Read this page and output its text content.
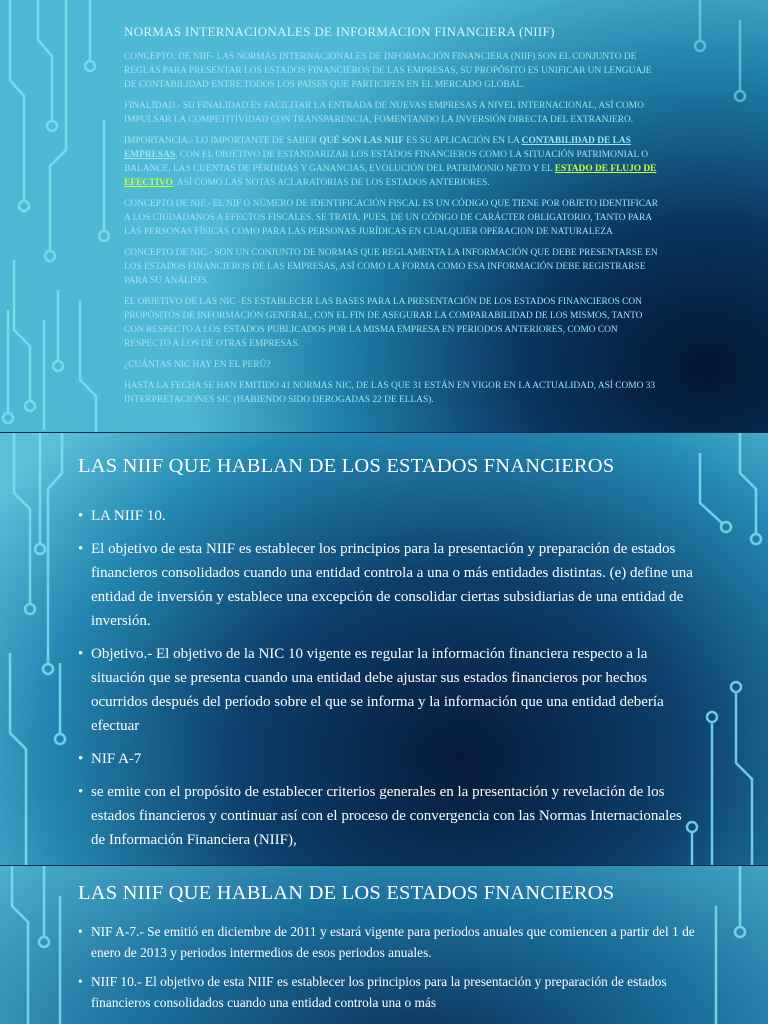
NORMAS INTERNACIONALES DE INFORMACION FINANCIERA (NIIF)

CONCEPTO. DE NIIF- LAS NORMAS INTERNACIONALES DE INFORMACIÓN FINANCIERA (NIIF) SON EL CONJUNTO DE REGLAS PARA PRESENTAR LOS ESTADOS FINANCIEROS DE LAS EMPRESAS, SU PROPÓSITO ES UNIFICAR UN LENGUAJE DE CONTABILIDAD ENTRE TODOS LOS PAÍSES QUE PARTICIPEN EN EL MERCADO GLOBAL.

FINALIDAD.- SU FINALIDAD ES FACILITAR LA ENTRADA DE NUEVAS EMPRESAS A NIVEL INTERNACIONAL, ASÍ COMO IMPULSAR LA COMPETITIVIDAD CON TRANSPARENCIA, FOMENTANDO LA INVERSIÓN DIRECTA DEL EXTRANJERO.

IMPORTANCIA.- LO IMPORTANTE DE SABER QUÉ SON LAS NIIF ES SU APLICACIÓN EN LA CONTABILIDAD DE LAS EMPRESAS, CON EL OBJETIVO DE ESTANDARIZAR LOS ESTADOS FINANCIEROS COMO LA SITUACIÓN PATRIMONIAL O BALANCE, LAS CUENTAS DE PÉRDIDAS Y GANANCIAS, EVOLUCIÓN DEL PATRIMONIO NETO Y EL ESTADO DE FLUJO DE EFECTIVO, ASÍ COMO LAS NOTAS ACLARATORIAS DE LOS ESTADOS ANTERIORES.

CONCEPTO DE NIF.- EL NIF O NÚMERO DE IDENTIFICACIÓN FISCAL ES UN CÓDIGO QUE TIENE POR OBJETO IDENTIFICAR A LOS CIUDADANOS A EFECTOS FISCALES. SE TRATA, PUES, DE UN CÓDIGO DE CARÁCTER OBLIGATORIO, TANTO PARA LAS PERSONAS FÍSICAS COMO PARA LAS PERSONAS JURÍDICAS EN CUALQUIER OPERACION DE NATURALEZA

CONCEPTO DE NIC.- SON UN CONJUNTO DE NORMAS QUE REGLAMENTA LA INFORMACIÓN QUE DEBE PRESENTARSE EN LOS ESTADOS FINANCIEROS DE LAS EMPRESAS, ASÍ COMO LA FORMA COMO ESA INFORMACIÓN DEBE REGISTRARSE PARA SU ANÁLISIS.

EL OBJETIVO DE LAS NIC -ES ESTABLECER LAS BASES PARA LA PRESENTACIÓN DE LOS ESTADOS FINANCIEROS CON PROPÓSITOS DE INFORMACIÓN GENERAL, CON EL FIN DE ASEGURAR LA COMPARABILIDAD DE LOS MISMOS, TANTO CON RESPECTO A LOS ESTADOS PUBLICADOS POR LA MISMA EMPRESA EN PERIODOS ANTERIORES, COMO CON RESPECTO A LOS DE OTRAS EMPRESAS.

¿CUÁNTAS NIC HAY EN EL PERÚ?

HASTA LA FECHA SE HAN EMITIDO 41 NORMAS NIC, DE LAS QUE 31 ESTÁN EN VIGOR EN LA ACTUALIDAD, ASÍ COMO 33 INTERPRETACIONES SIC (HABIENDO SIDO DEROGADAS 22 DE ELLAS).

LAS NIIF QUE HABLAN DE LOS ESTADOS FNANCIEROS
• LA NIIF 10.
• El objetivo de esta NIIF es establecer los principios para la presentación y preparación de estados financieros consolidados cuando una entidad controla a una o más entidades distintas. (e) define una entidad de inversión y establece una excepción de consolidar ciertas subsidiarias de una entidad de inversión.
• Objetivo.- El objetivo de la NIC 10 vigente es regular la información financiera respecto a la situación que se presenta cuando una entidad debe ajustar sus estados financieros por hechos ocurridos después del período sobre el que se informa y la información que una entidad debería efectuar
• NIF A-7
• se emite con el propósito de establecer criterios generales en la presentación y revelación de los estados financieros y continuar así con el proceso de convergencia con las Normas Internacionales de Información Financiera (NIIF),
LAS NIIF QUE HABLAN DE LOS ESTADOS FNANCIEROS
• NIF A-7.- Se emitió en diciembre de 2011 y estará vigente para periodos anuales que comiencen a partir del 1 de enero de 2013 y periodos intermedios de esos periodos anuales.
• NIIF 10.- El objetivo de esta NIIF es establecer los principios para la presentación y preparación de estados financieros consolidados cuando una entidad controla una o más
